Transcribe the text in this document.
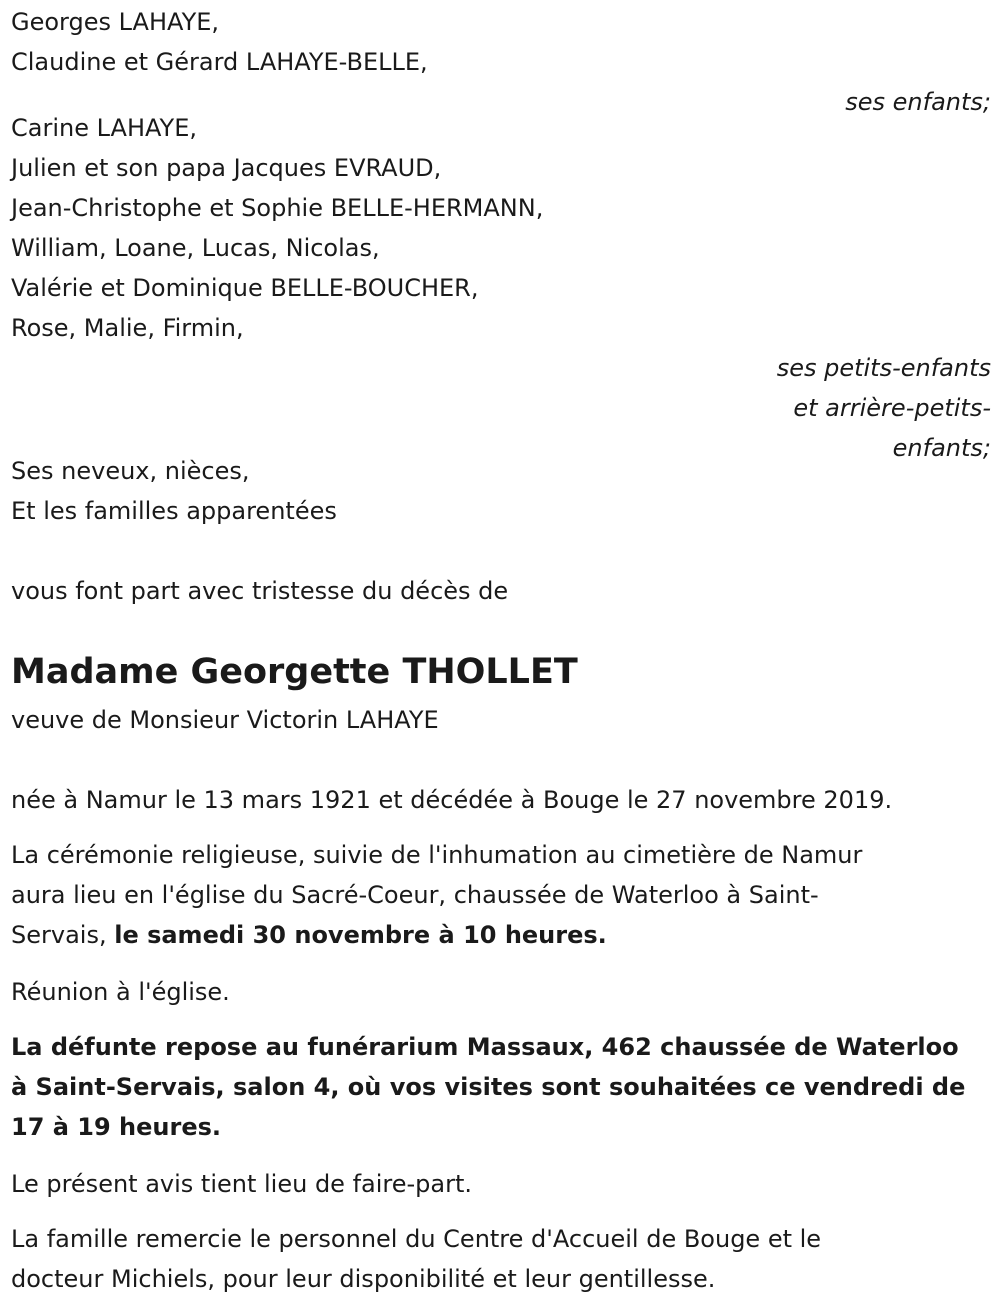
Georges LAHAYE,
Claudine et Gérard LAHAYE-BELLE,
ses enfants;
Carine LAHAYE,
Julien et son papa Jacques EVRAUD,
Jean-Christophe et Sophie BELLE-HERMANN,
William, Loane, Lucas, Nicolas,
Valérie et Dominique BELLE-BOUCHER,
Rose, Malie, Firmin,
ses petits-enfants
et arrière-petits-
enfants;
Ses neveux, nièces,
Et les familles apparentées
vous font part avec tristesse du décès de
Madame Georgette THOLLET
veuve de Monsieur Victorin LAHAYE
née à Namur le 13 mars 1921 et décédée à Bouge le 27 novembre 2019.
La cérémonie religieuse, suivie de l'inhumation au cimetière de Namur
aura lieu en l'église du Sacré-Coeur, chaussée de Waterloo à Saint-
Servais, le samedi 30 novembre à 10 heures.
Réunion à l'église.
La défunte repose au funérarium Massaux, 462 chaussée de Waterloo
à Saint-Servais, salon 4, où vos visites sont souhaitées ce vendredi de
17 à 19 heures.
Le présent avis tient lieu de faire-part.
La famille remercie le personnel du Centre d'Accueil de Bouge et le
docteur Michiels, pour leur disponibilité et leur gentillesse.
